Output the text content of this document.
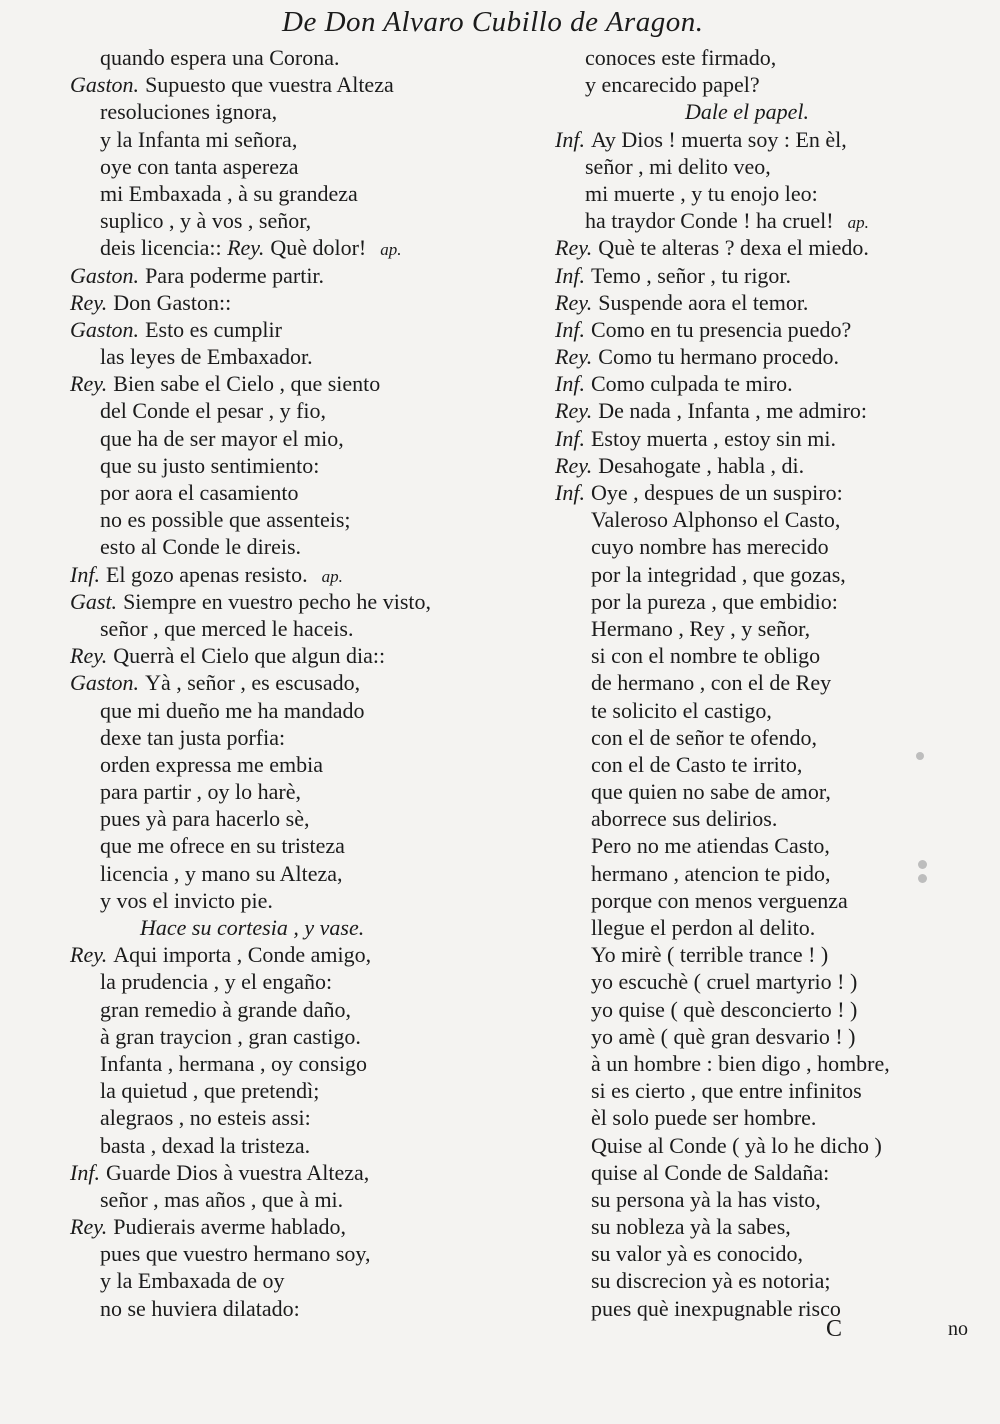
De Don Alvaro Cubillo de Aragon.
quando espera una Corona.
Gaston. Supuesto que vuestra Alteza
resoluciones ignora,
y la Infanta mi señora,
oye con tanta aspereza
mi Embaxada , à su grandeza
suplico , y à vos , señor,
deis licencia:: Rey. Què dolor! ap.
Gaston. Para poderme partir.
Rey. Don Gaston::
Gaston. Esto es cumplir
las leyes de Embaxador.
Rey. Bien sabe el Cielo , que siento
del Conde el pesar , y fio,
que ha de ser mayor el mio,
que su justo sentimiento:
por aora el casamiento
no es possible que assenteis;
esto al Conde le direis.
Inf. El gozo apenas resisto. ap.
Gast. Siempre en vuestro pecho he visto,
señor , que merced le haceis.
Rey. Querrà el Cielo que algun dia::
Gaston. Yà , señor , es escusado,
que mi dueño me ha mandado
dexe tan justa porfia:
orden expressa me embia
para partir , oy lo harè,
pues yà para hacerlo sè,
que me ofrece en su tristeza
licencia , y mano su Alteza,
y vos el invicto pie.
Hace su cortesia , y vase.
Rey. Aqui importa , Conde amigo,
la prudencia , y el engaño:
gran remedio à grande daño,
à gran traycion , gran castigo.
Infanta , hermana , oy consigo
la quietud , que pretendì;
alegraos , no esteis assi:
basta , dexad la tristeza.
Inf. Guarde Dios à vuestra Alteza,
señor , mas años , que à mi.
Rey. Pudierais averme hablado,
pues que vuestro hermano soy,
y la Embaxada de oy
no se huviera dilatado:
conoces este firmado,
y encarecido papel?
Dale el papel.
Inf. Ay Dios ! muerta soy : En èl,
señor , mi delito veo,
mi muerte , y tu enojo leo:
ha traydor Conde ! ha cruel! ap.
Rey. Què te alteras ? dexa el miedo.
Inf. Temo , señor , tu rigor.
Rey. Suspende aora el temor.
Inf. Como en tu presencia puedo?
Rey. Como tu hermano procedo.
Inf. Como culpada te miro.
Rey. De nada , Infanta , me admiro:
Inf. Estoy muerta , estoy sin mi.
Rey. Desahogate , habla , di.
Inf. Oye , despues de un suspiro:
Valeroso Alphonso el Casto,
cuyo nombre has merecido
por la integridad , que gozas,
por la pureza , que embidio:
Hermano , Rey , y señor,
si con el nombre te obligo
de hermano , con el de Rey
te solicito el castigo,
con el de señor te ofendo,
con el de Casto te irrito,
que quien no sabe de amor,
aborrece sus delirios.
Pero no me atiendas Casto,
hermano , atencion te pido,
porque con menos verguenza
llegue el perdon al delito.
Yo mirè ( terrible trance ! )
yo escuchè ( cruel martyrio ! )
yo quise ( què desconcierto ! )
yo amè ( què gran desvario ! )
à un hombre : bien digo , hombre,
si es cierto , que entre infinitos
èl solo puede ser hombre.
Quise al Conde ( yà lo he dicho )
quise al Conde de Saldaña:
su persona yà la has visto,
su nobleza yà la sabes,
su valor yà es conocido,
su discrecion yà es notoria;
pues què inexpugnable risco
C	no
